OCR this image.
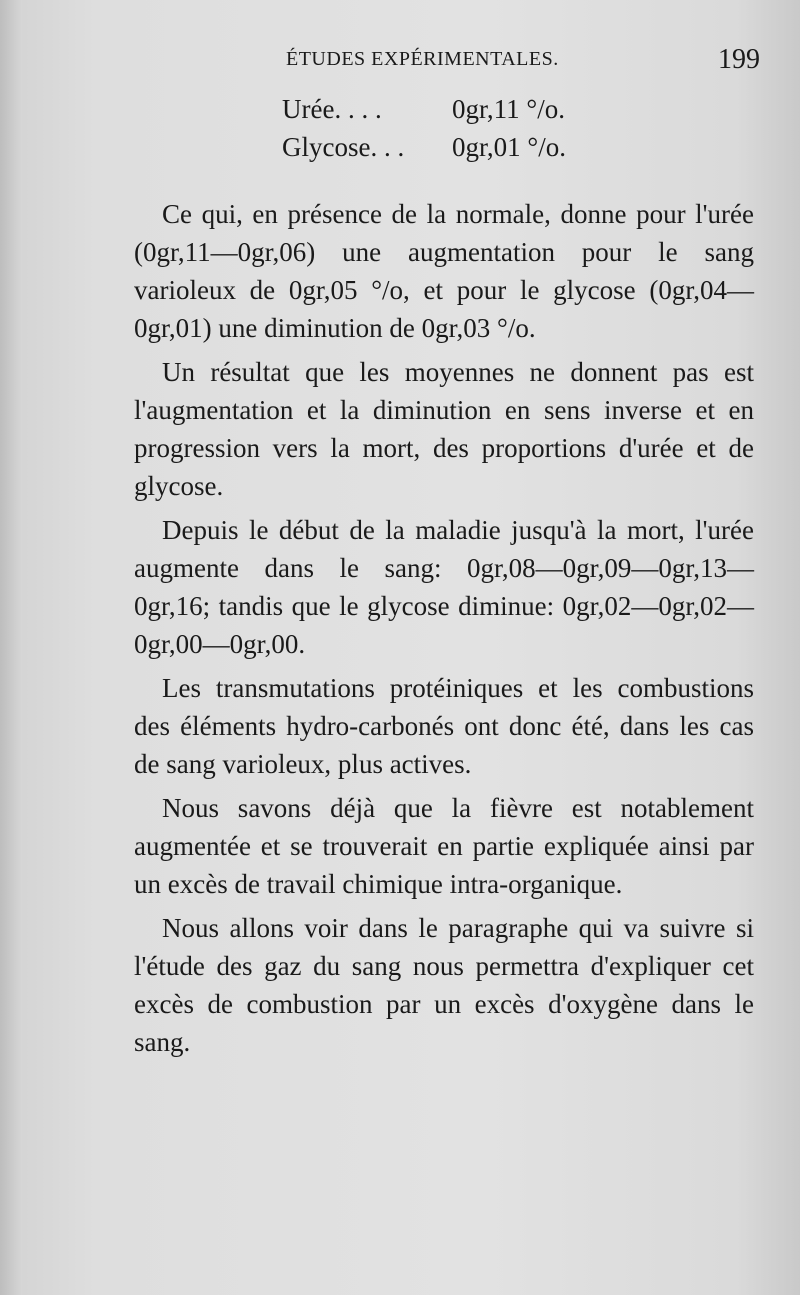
ÉTUDES EXPÉRIMENTALES.	199
Urée. . . .	0gr,11 °/o.
Glycose. . .	0gr,01 °/o.

Ce qui, en présence de la normale, donne pour l'urée (0gr,11—0gr,06) une augmentation pour le sang varioleux de 0gr,05 °/o, et pour le glycose (0gr,04—0gr,01) une diminution de 0gr,03 °/o.

Un résultat que les moyennes ne donnent pas est l'augmentation et la diminution en sens inverse et en progression vers la mort, des proportions d'urée et de glycose.

Depuis le début de la maladie jusqu'à la mort, l'urée augmente dans le sang: 0gr,08—0gr,09—0gr,13—0gr,16; tandis que le glycose diminue: 0gr,02—0gr,02—0gr,00—0gr,00.

Les transmutations protéiniques et les combustions des éléments hydro-carbonés ont donc été, dans les cas de sang varioleux, plus actives.

Nous savons déjà que la fièvre est notablement augmentée et se trouverait en partie expliquée ainsi par un excès de travail chimique intra-organique.

Nous allons voir dans le paragraphe qui va suivre si l'étude des gaz du sang nous permettra d'expliquer cet excès de combustion par un excès d'oxygène dans le sang.
